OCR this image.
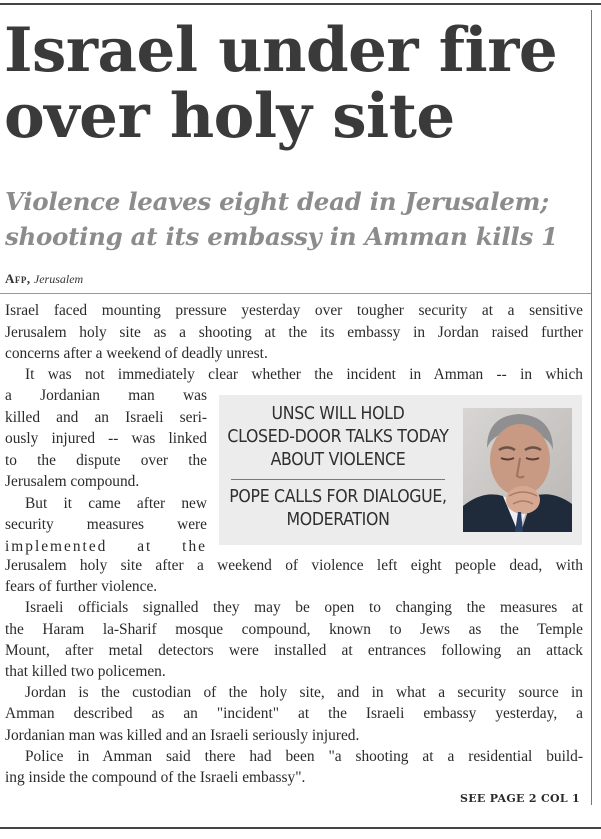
Israel under fire
over holy site
Violence leaves eight dead in Jerusalem;
shooting at its embassy in Amman kills 1
Afp, Jerusalem
Israel faced mounting pressure yesterday over tougher security at a sensitive
Jerusalem holy site as a shooting at the its embassy in Jordan raised further
concerns after a weekend of deadly unrest.
It was not immediately clear whether the incident in Amman -- in which
a Jordanian man was
killed and an Israeli seri-
ously injured -- was linked
to the dispute over the
Jerusalem compound.
But it came after new
security measures were
implemented at the
UNSC WILL HOLD
CLOSED-DOOR TALKS TODAY
ABOUT VIOLENCE
POPE CALLS FOR DIALOGUE,
MODERATION
Jerusalem holy site after a weekend of violence left eight people dead, with
fears of further violence.
Israeli officials signalled they may be open to changing the measures at
the Haram la-Sharif mosque compound, known to Jews as the Temple
Mount, after metal detectors were installed at entrances following an attack
that killed two policemen.
Jordan is the custodian of the holy site, and in what a security source in
Amman described as an "incident" at the Israeli embassy yesterday, a
Jordanian man was killed and an Israeli seriously injured.
Police in Amman said there had been "a shooting at a residential build-
ing inside the compound of the Israeli embassy".
SEE PAGE 2 COL 1
